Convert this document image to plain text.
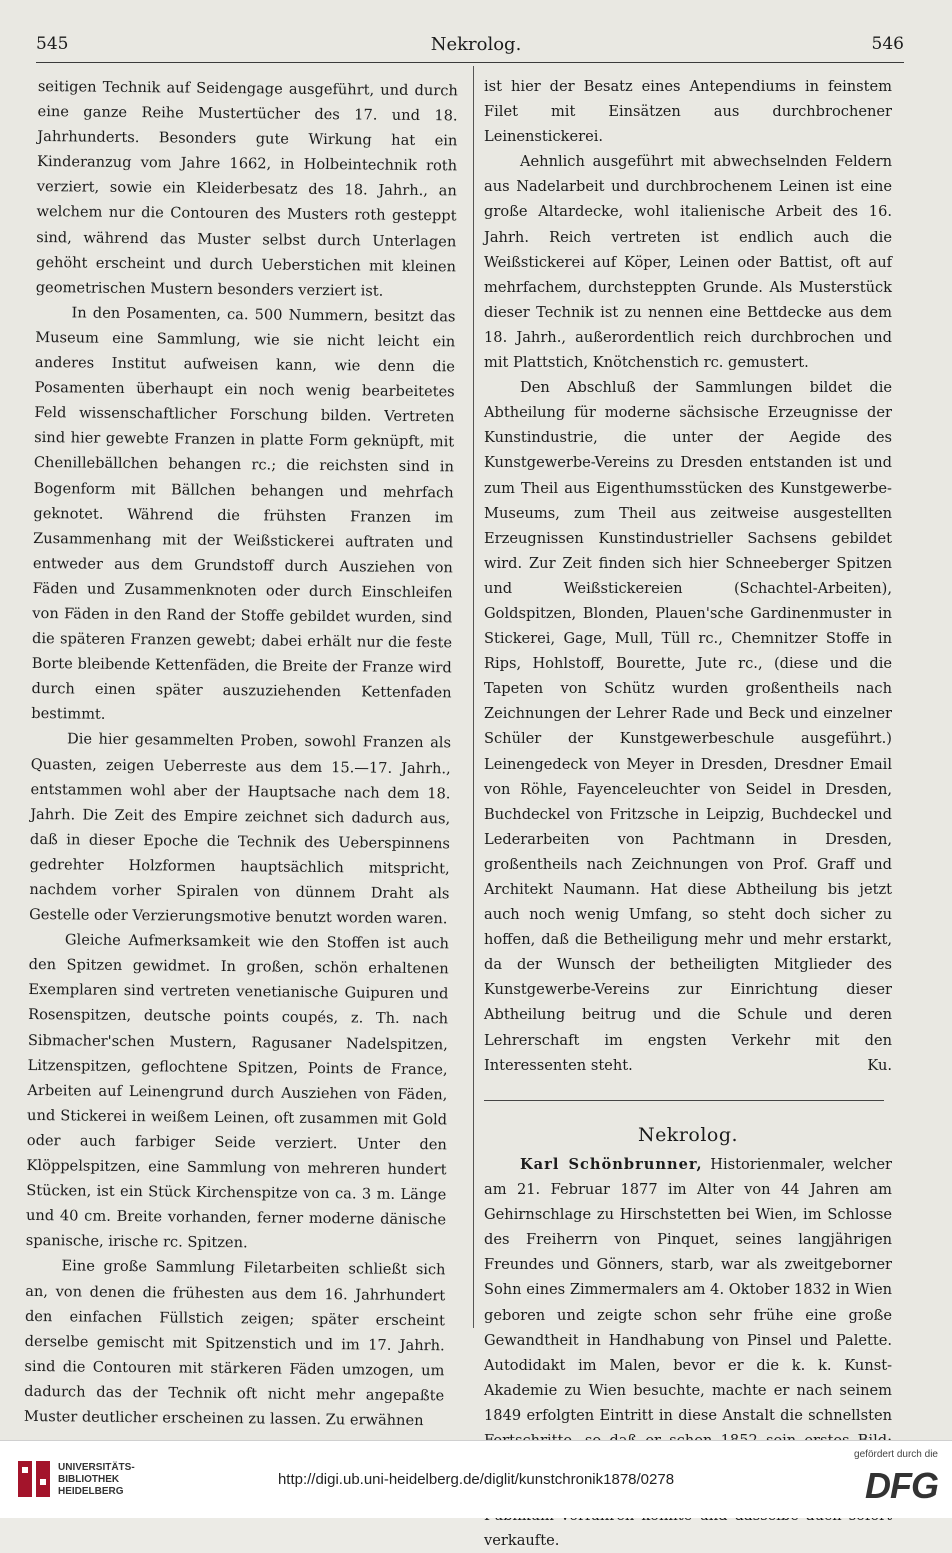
545	Nekrolog.	546

seitigen Technik auf Seidengage ausgeführt, und durch eine ganze Reihe Mustertücher des 17. und 18. Jahrhunderts. Besonders gute Wirkung hat ein Kinderanzug vom Jahre 1662, in Holbeintechnik roth verziert, sowie ein Kleiderbesatz des 18. Jahrh., an welchem nur die Contouren des Musters roth gesteppt sind, während das Muster selbst durch Unterlagen gehöht erscheint und durch Ueberstichen mit kleinen geometrischen Mustern besonders verziert ist.

In den Posamenten, ca. 500 Nummern, besitzt das Museum eine Sammlung, wie sie nicht leicht ein anderes Institut aufweisen kann, wie denn die Posamenten überhaupt ein noch wenig bearbeitetes Feld wissenschaftlicher Forschung bilden. Vertreten sind hier gewebte Franzen in platte Form geknüpft, mit Chenillebällchen behangen rc.; die reichsten sind in Bogenform mit Bällchen behangen und mehrfach geknotet. Während die frühsten Franzen im Zusammenhang mit der Weißstickerei auftraten und entweder aus dem Grundstoff durch Ausziehen von Fäden und Zusammenknoten oder durch Einschleifen von Fäden in den Rand der Stoffe gebildet wurden, sind die späteren Franzen gewebt; dabei erhält nur die feste Borte bleibende Kettenfäden, die Breite der Franze wird durch einen später auszuziehenden Kettenfaden bestimmt.

Die hier gesammelten Proben, sowohl Franzen als Quasten, zeigen Ueberreste aus dem 15.—17. Jahrh., entstammen wohl aber der Hauptsache nach dem 18. Jahrh. Die Zeit des Empire zeichnet sich dadurch aus, daß in dieser Epoche die Technik des Ueberspinnens gedrehter Holzformen hauptsächlich mitspricht, nachdem vorher Spiralen von dünnem Draht als Gestelle oder Verzierungsmotive benutzt worden waren.

Gleiche Aufmerksamkeit wie den Stoffen ist auch den Spitzen gewidmet. In großen, schön erhaltenen Exemplaren sind vertreten venetianische Guipuren und Rosenspitzen, deutsche points coupés, z. Th. nach Sibmacher'schen Mustern, Ragusaner Nadelspitzen, Litzenspitzen, geflochtene Spitzen, Points de France, Arbeiten auf Leinengrund durch Ausziehen von Fäden, und Stickerei in weißem Leinen, oft zusammen mit Gold oder auch farbiger Seide verziert. Unter den Klöppelspitzen, eine Sammlung von mehreren hundert Stücken, ist ein Stück Kirchenspitze von ca. 3 m. Länge und 40 cm. Breite vorhanden, ferner moderne dänische spanische, irische rc. Spitzen.

Eine große Sammlung Filetarbeiten schließt sich an, von denen die frühesten aus dem 16. Jahrhundert den einfachen Füllstich zeigen; später erscheint derselbe gemischt mit Spitzenstich und im 17. Jahrh. sind die Contouren mit stärkeren Fäden umzogen, um dadurch das der Technik oft nicht mehr angepaßte Muster deutlicher erscheinen zu lassen. Zu erwähnen

ist hier der Besatz eines Antependiums in feinstem Filet mit Einsätzen aus durchbrochener Leinenstickerei.

Aehnlich ausgeführt mit abwechselnden Feldern aus Nadelarbeit und durchbrochenem Leinen ist eine große Altardecke, wohl italienische Arbeit des 16. Jahrh. Reich vertreten ist endlich auch die Weißstickerei auf Köper, Leinen oder Battist, oft auf mehrfachem, durchsteppten Grunde. Als Musterstück dieser Technik ist zu nennen eine Bettdecke aus dem 18. Jahrh., außerordentlich reich durchbrochen und mit Plattstich, Knötchenstich rc. gemustert.

Den Abschluß der Sammlungen bildet die Abtheilung für moderne sächsische Erzeugnisse der Kunstindustrie, die unter der Aegide des Kunstgewerbe-Vereins zu Dresden entstanden ist und zum Theil aus Eigenthumsstücken des Kunstgewerbe-Museums, zum Theil aus zeitweise ausgestellten Erzeugnissen Kunstindustrieller Sachsens gebildet wird. Zur Zeit finden sich hier Schneeberger Spitzen und Weißstickereien (Schachtel-Arbeiten), Goldspitzen, Blonden, Plauen'sche Gardinenmuster in Stickerei, Gage, Mull, Tüll rc., Chemnitzer Stoffe in Rips, Hohlstoff, Bourette, Jute rc., (diese und die Tapeten von Schütz wurden großentheils nach Zeichnungen der Lehrer Rade und Beck und einzelner Schüler der Kunstgewerbeschule ausgeführt.) Leinengedeck von Meyer in Dresden, Dresdner Email von Röhle, Fayenceleuchter von Seidel in Dresden, Buchdeckel von Fritzsche in Leipzig, Buchdeckel und Lederarbeiten von Pachtmann in Dresden, großentheils nach Zeichnungen von Prof. Graff und Architekt Naumann. Hat diese Abtheilung bis jetzt auch noch wenig Umfang, so steht doch sicher zu hoffen, daß die Betheiligung mehr und mehr erstarkt, da der Wunsch der betheiligten Mitglieder des Kunstgewerbe-Vereins zur Einrichtung dieser Abtheilung beitrug und die Schule und deren Lehrerschaft im engsten Verkehr mit den Interessenten steht.	Ku.
Nekrolog.

Karl Schönbrunner, Historienmaler, welcher am 21. Februar 1877 im Alter von 44 Jahren am Gehirnschlage zu Hirschstetten bei Wien, im Schlosse des Freiherrn von Pinquet, seines langjährigen Freundes und Gönners, starb, war als zweitgeborner Sohn eines Zimmermalers am 4. Oktober 1832 in Wien geboren und zeigte schon sehr frühe eine große Gewandtheit in Handhabung von Pinsel und Palette. Autodidakt im Malen, bevor er die k. k. Kunst-Akademie zu Wien besuchte, machte er nach seinem 1849 erfolgten Eintritt in diese Anstalt die schnellsten verkaufte.

UNIVERSITÄTS-
BIBLIOTHEK
HEIDELBERG
http://digi.ub.uni-heidelberg.de/diglit/kunstchronik1878/0278
gefördert durch die
DFG
